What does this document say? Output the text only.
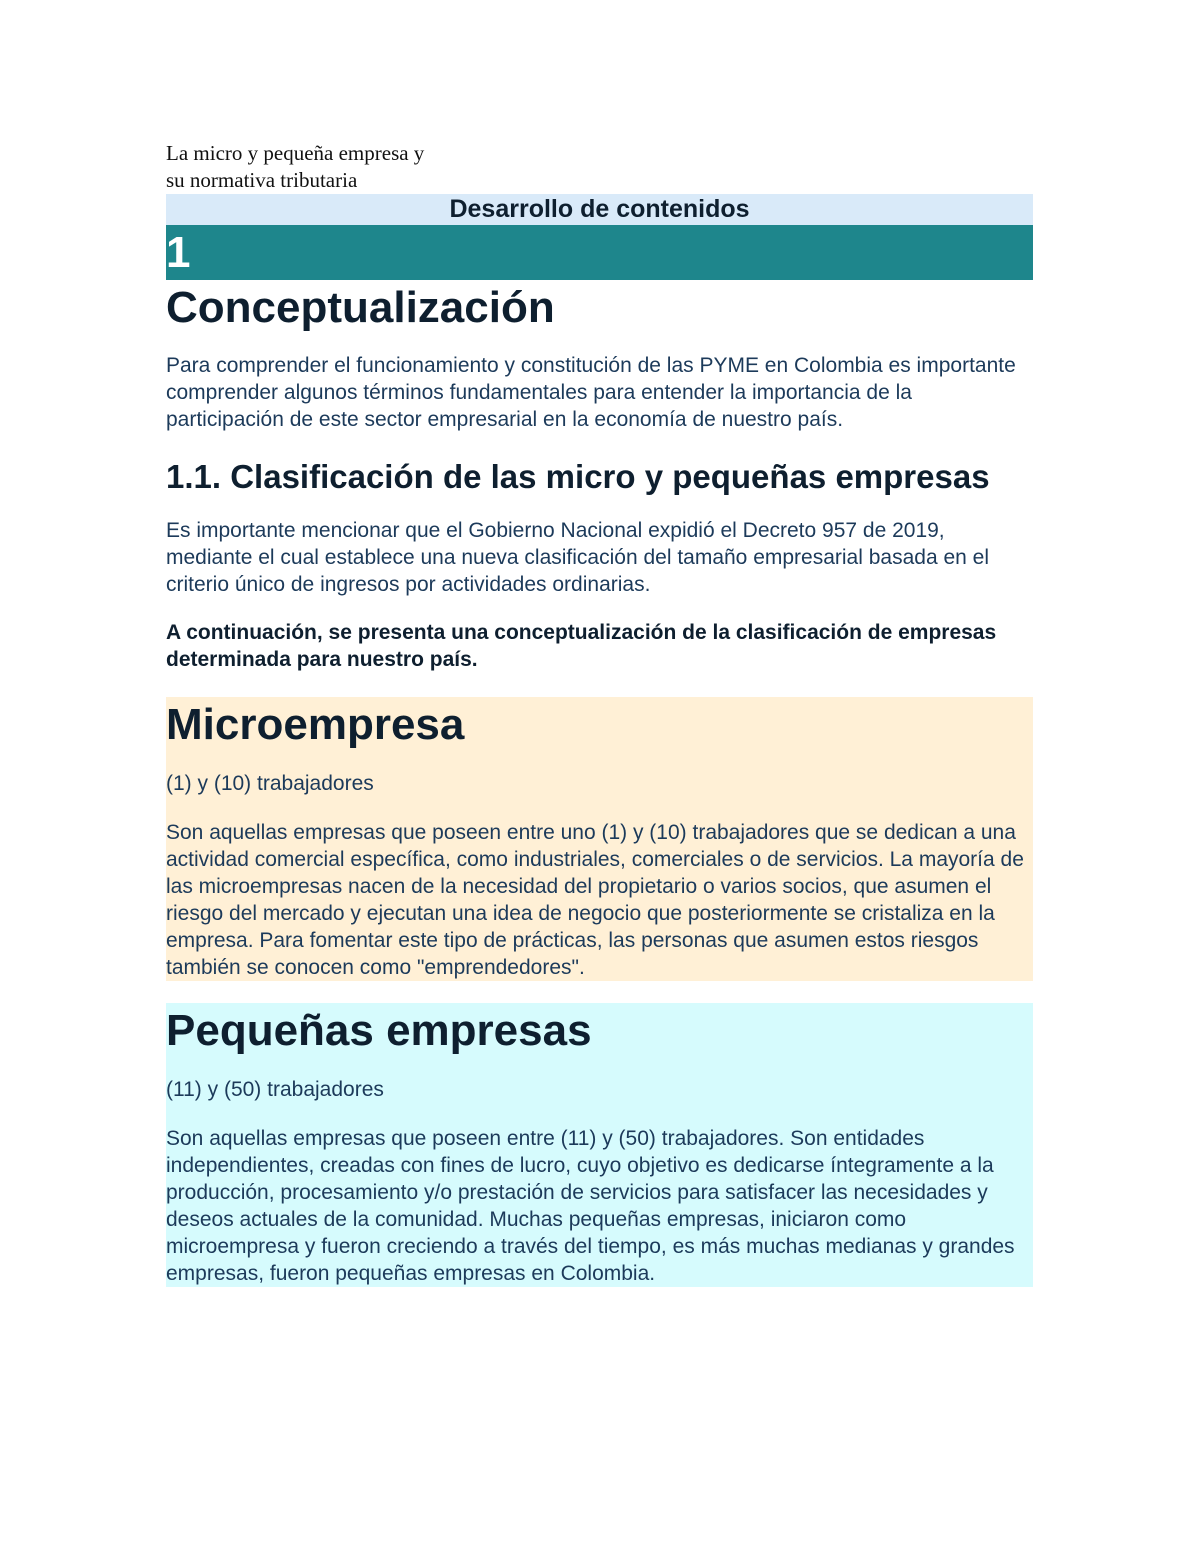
La micro y pequeña empresa y
su normativa tributaria
Desarrollo de contenidos
1
Conceptualización

Para comprender el funcionamiento y constitución de las PYME en Colombia es importante comprender algunos términos fundamentales para entender la importancia de la participación de este sector empresarial en la economía de nuestro país.

1.1. Clasificación de las micro y pequeñas empresas

Es importante mencionar que el Gobierno Nacional expidió el Decreto 957 de 2019, mediante el cual establece una nueva clasificación del tamaño empresarial basada en el criterio único de ingresos por actividades ordinarias.

A continuación, se presenta una conceptualización de la clasificación de empresas determinada para nuestro país.

Microempresa

(1) y (10) trabajadores

Son aquellas empresas que poseen entre uno (1) y (10) trabajadores que se dedican a una actividad comercial específica, como industriales, comerciales o de servicios. La mayoría de las microempresas nacen de la necesidad del propietario o varios socios, que asumen el riesgo del mercado y ejecutan una idea de negocio que posteriormente se cristaliza en la empresa. Para fomentar este tipo de prácticas, las personas que asumen estos riesgos también se conocen como "emprendedores".

Pequeñas empresas

(11) y (50) trabajadores

Son aquellas empresas que poseen entre (11) y (50) trabajadores. Son entidades independientes, creadas con fines de lucro, cuyo objetivo es dedicarse íntegramente a la producción, procesamiento y/o prestación de servicios para satisfacer las necesidades y deseos actuales de la comunidad. Muchas pequeñas empresas, iniciaron como microempresa y fueron creciendo a través del tiempo, es más muchas medianas y grandes empresas, fueron pequeñas empresas en Colombia.
